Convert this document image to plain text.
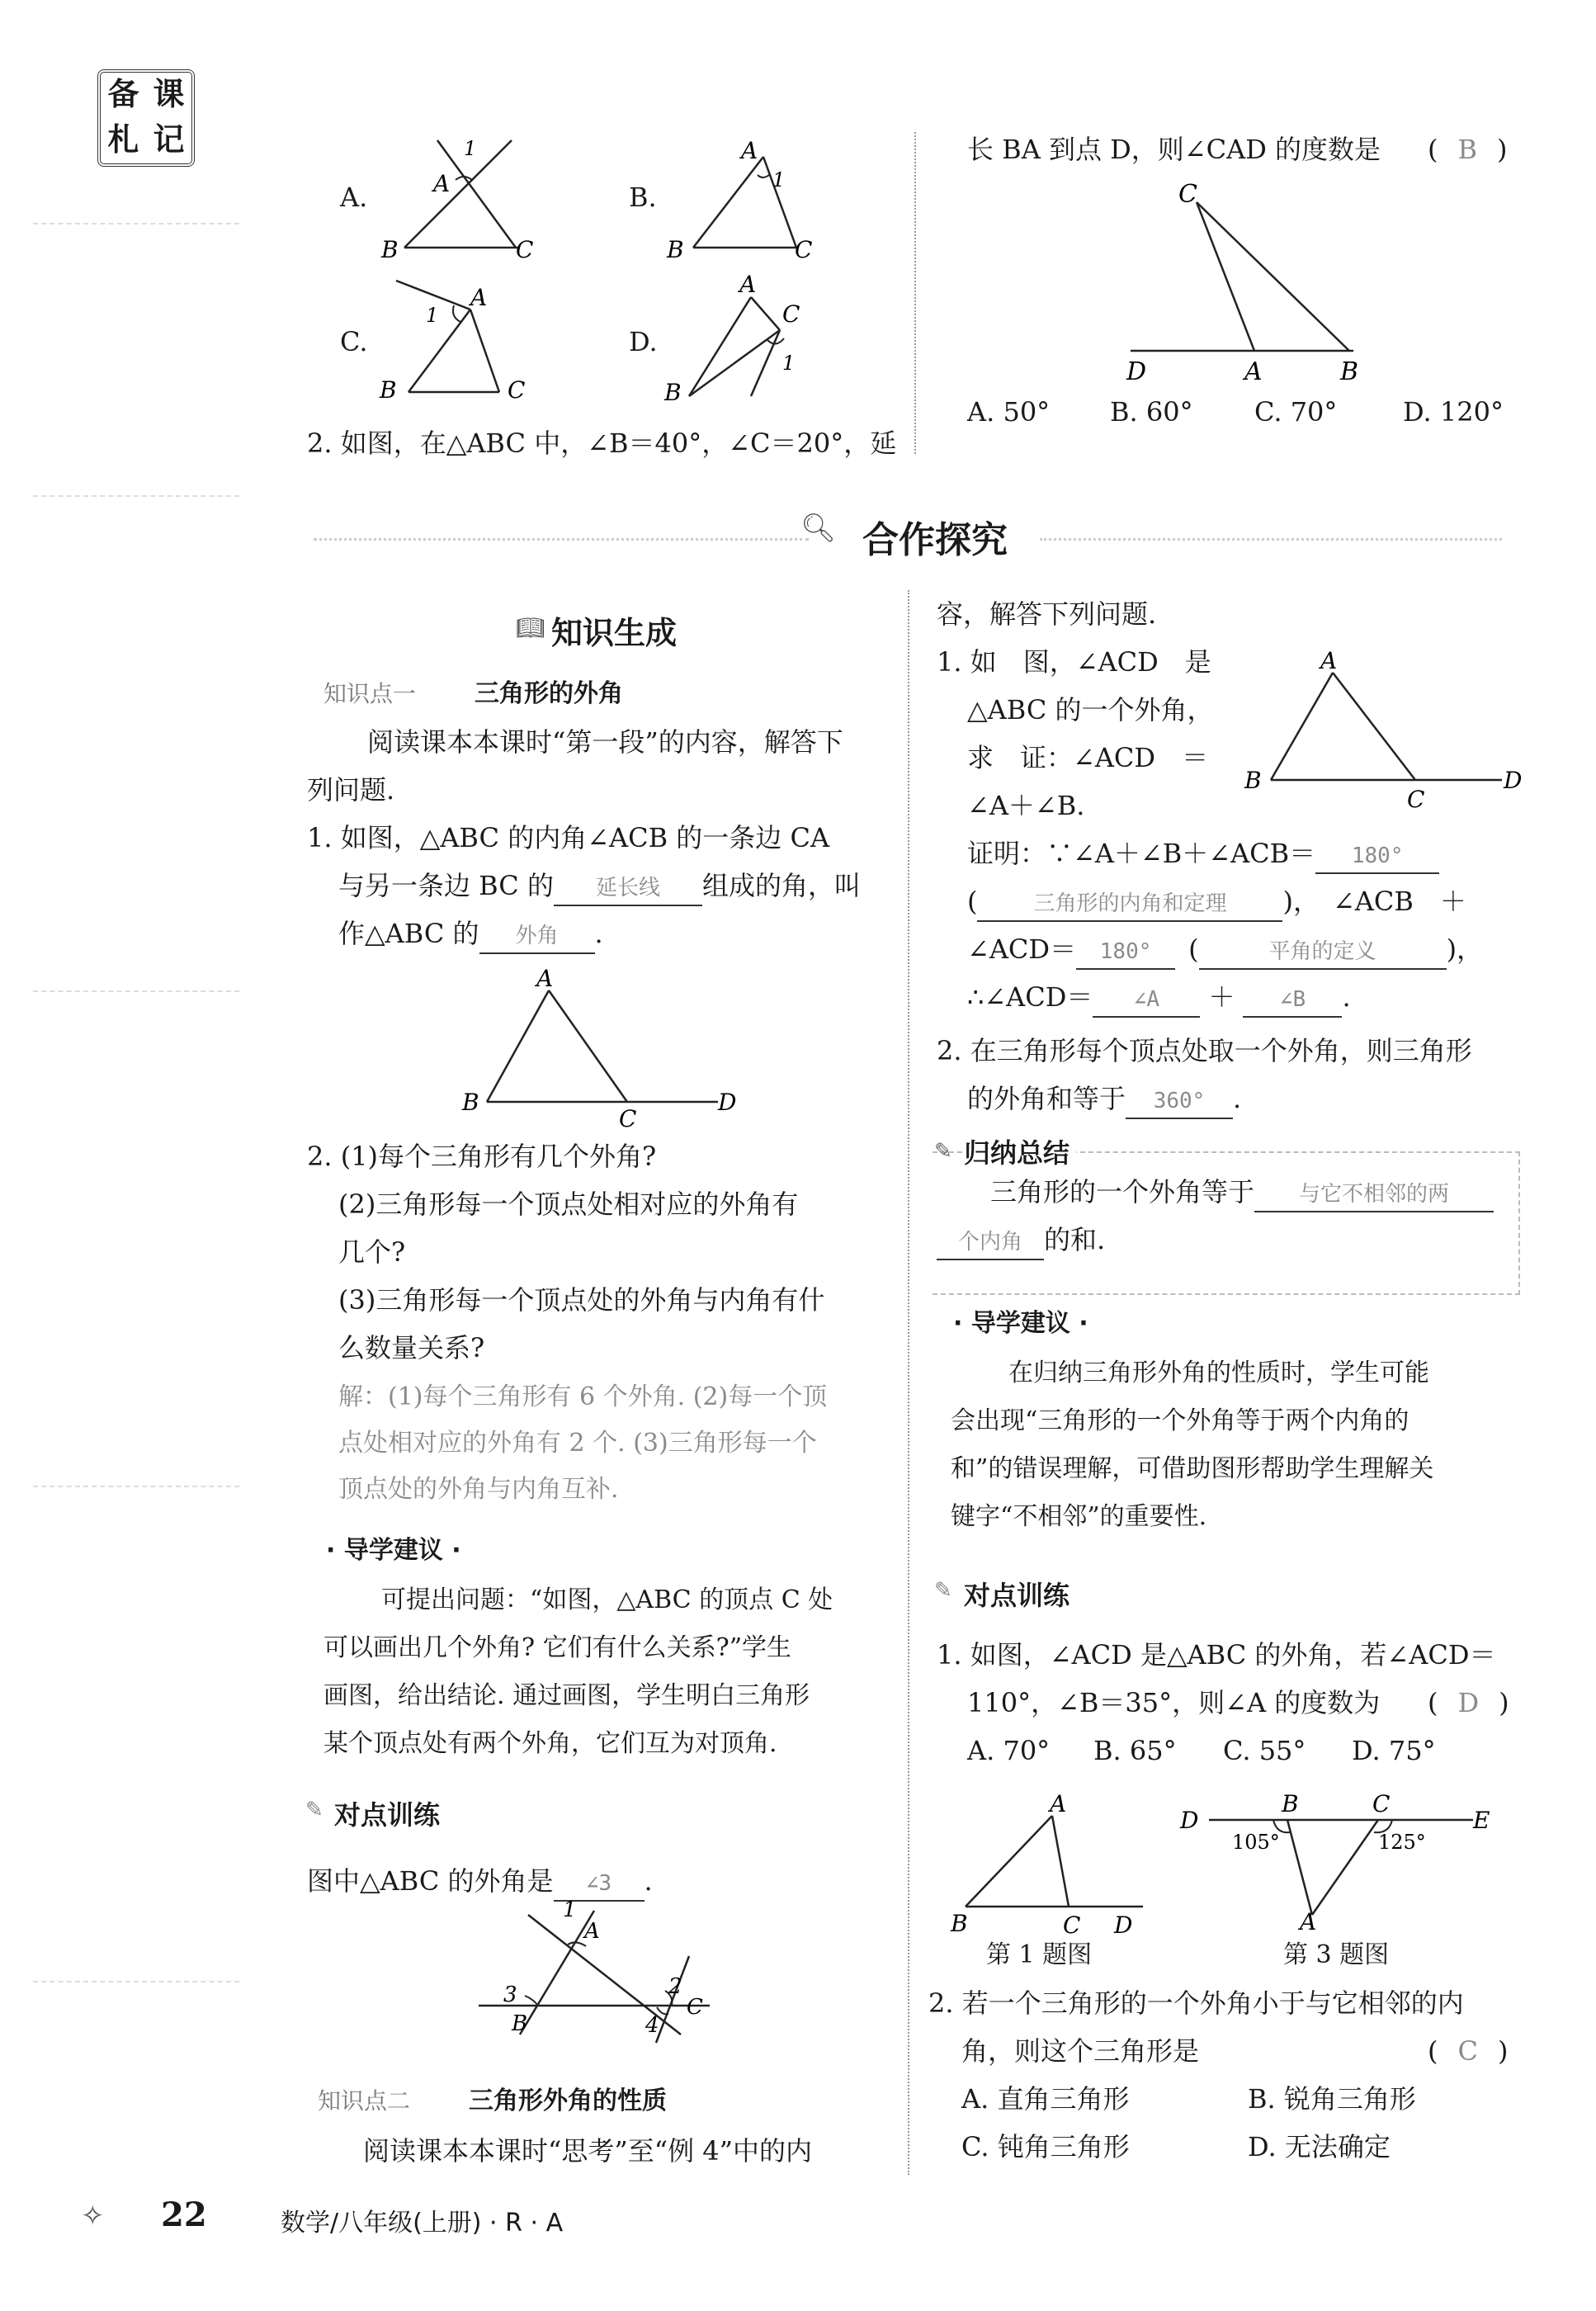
备 课
札 记
A.
B	C
A
1
B.
B	C
A
1
C.
B	C
A
1
D.
B
A
C
1
2. 如图，在△ABC 中，∠B＝40°，∠C＝20°，延
长 BA 到点 D，则∠CAD 的度数是 ( B )
C
D	A	B
A. 50° B. 60° C. 70° D. 120°
🔍︎ 合作探究
📖︎ 知识生成
知识点一 三角形的外角
阅读课本本课时“第一段”的内容，解答下
列问题.
1. 如图，△ABC 的内角∠ACB 的一条边 CA
与另一条边 BC 的 延长线 组成的角，叫
作△ABC 的 外角 .
A
B
C
D
2. (1)每个三角形有几个外角?
(2)三角形每一个顶点处相对应的外角有
几个?
(3)三角形每一个顶点处的外角与内角有什
么数量关系?
解：(1)每个三角形有 6 个外角. (2)每一个顶
点处相对应的外角有 2 个. (3)三角形每一个
顶点处的外角与内角互补.
· 导学建议 ·
可提出问题：“如图，△ABC 的顶点 C 处
可以画出几个外角? 它们有什么关系?”学生
画图，给出结论. 通过画图，学生明白三角形
某个顶点处有两个外角，它们互为对顶角.
✎ 对点训练
图中△ABC 的外角是 ∠3 .
1
A
3
B
2
C
4
知识点二 三角形外角的性质
阅读课本本课时“思考”至“例 4”中的内
容，解答下列问题.
1. 如　图，∠ACD　是
△ABC 的一个外角，
求　证：∠ACD　＝
∠A＋∠B.
A
B
C
D
证明：∵∠A＋∠B＋∠ACB＝ 180°
(	三角形的内角和定理 )，　∠ACB　＋
∠ACD＝ 180° (	平角的定义	)，
∴∠ACD＝ ∠A ＋ ∠B .
2. 在三角形每个顶点处取一个外角，则三角形
的外角和等于 360° .
✎ 归纳总结
三角形的一个外角等于 与它不相邻的两
个内角 的和.
· 导学建议 ·
在归纳三角形外角的性质时，学生可能
会出现“三角形的一个外角等于两个内角的
和”的错误理解，可借助图形帮助学生理解关
键字“不相邻”的重要性.
✎ 对点训练
1. 如图，∠ACD 是△ABC 的外角，若∠ACD＝
110°，∠B＝35°，则∠A 的度数为 ( D )
A. 70° B. 65° C. 55° D. 75°
A
B	C D
第 1 题图
D
B	C
E
A
105°	125°
第 3 题图
2. 若一个三角形的一个外角小于与它相邻的内
角，则这个三角形是	( C )
A. 直角三角形	B. 锐角三角形
C. 钝角三角形	D. 无法确定
✧ 22	数学/八年级(上册) · R · A
